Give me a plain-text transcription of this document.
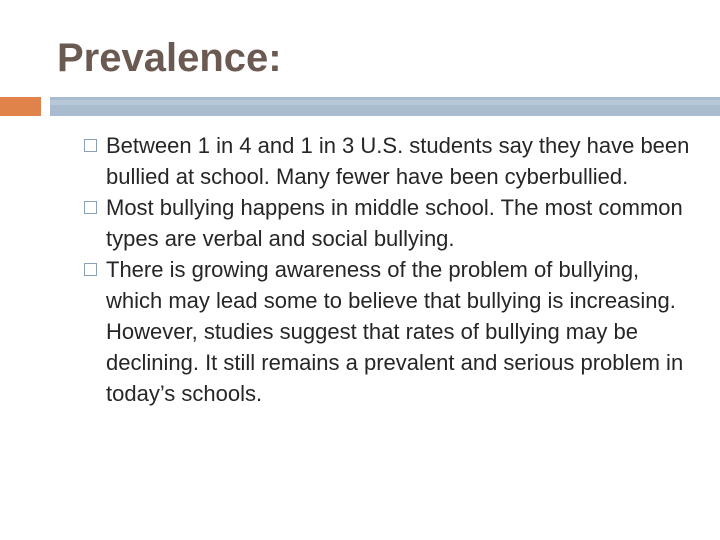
Prevalence:
Between 1 in 4 and 1 in 3 U.S. students say they have been bullied at school. Many fewer have been cyberbullied.
Most bullying happens in middle school. The most common types are verbal and social bullying.
There is growing awareness of the problem of bullying, which may lead some to believe that bullying is increasing. However, studies suggest that rates of bullying may be declining. It still remains a prevalent and serious problem in today’s schools.
